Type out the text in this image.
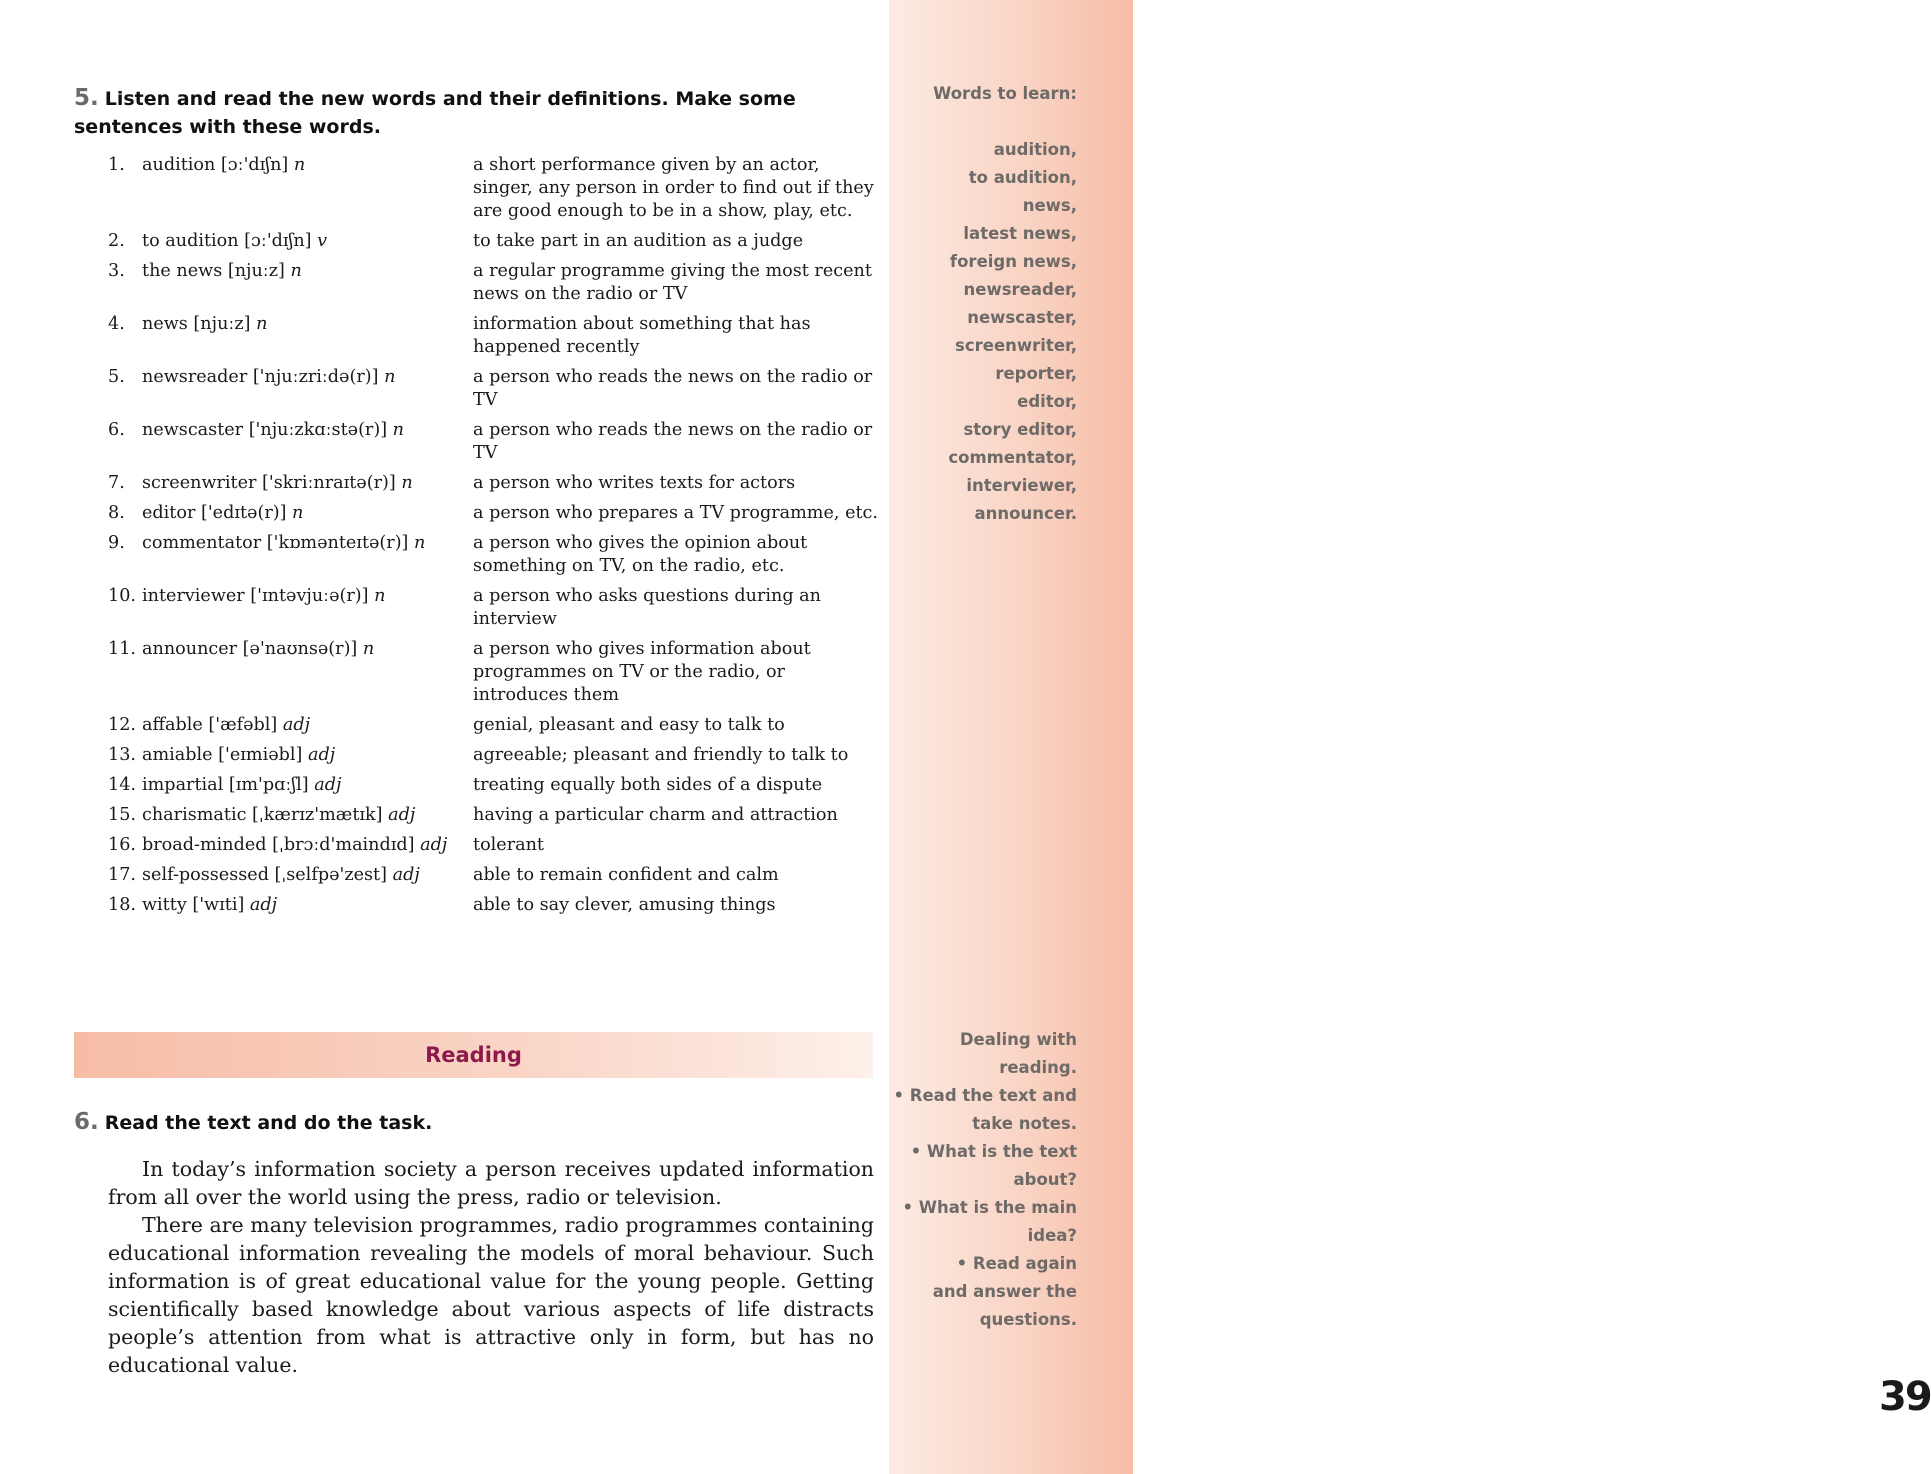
Words to learn:
audition,
to audition,
news,
latest news,
foreign news,
newsreader,
newscaster,
screenwriter,
reporter,
editor,
story editor,
commentator,
interviewer,
announcer.
Dealing with
reading.
• Read the text and
take notes.
• What is the text
about?
• What is the main
idea?
• Read again
and answer the
questions.
39
5. Listen and read the new words and their definitions. Make some sentences with these words.
1.	audition [ɔː'dɪʃn] n	a short performance given by an actor, singer, any person in order to find out if they are good enough to be in a show, play, etc.
2.	to audition [ɔː'dɪʃn] v	to take part in an audition as a judge
3.	the news [njuːz] n	a regular programme giving the most recent news on the radio or TV
4.	news [njuːz] n	information about something that has happened recently
5.	newsreader ['njuːzriːdə(r)] n	a person who reads the news on the radio or TV
6.	newscaster ['njuːzkɑːstə(r)] n	a person who reads the news on the radio or TV
7.	screenwriter ['skriːnraɪtə(r)] n	a person who writes texts for actors
8.	editor ['edɪtə(r)] n	a person who prepares a TV programme, etc.
9.	commentator ['kɒmənteɪtə(r)] n	a person who gives the opinion about something on TV, on the radio, etc.
10.	interviewer ['ɪntəvjuːə(r)] n	a person who asks questions during an interview
11.	announcer [ə'naʊnsə(r)] n	a person who gives information about programmes on TV or the radio, or introduces them
12.	affable ['æfəbl] adj	genial, pleasant and easy to talk to
13.	amiable ['eɪmiəbl] adj	agreeable; pleasant and friendly to talk to
14.	impartial [ɪm'pɑːʃl] adj	treating equally both sides of a dispute
15.	charismatic [ˌkærɪz'mætɪk] adj	having a particular charm and attraction
16.	broad-minded [ˌbrɔːd'maindɪd] adj	tolerant
17.	self-possessed [ˌselfpə'zest] adj	able to remain confident and calm
18.	witty ['wɪti] adj	able to say clever, amusing things
Reading
6. Read the text and do the task.

In today’s information society a person receives updated information from all over the world using the press, radio or television.

There are many television programmes, radio programmes containing educational information revealing the models of moral behaviour. Such information is of great educational value for the young people. Getting scientifically based knowledge about various aspects of life distracts people’s attention from what is attractive only in form, but has no educational value.
